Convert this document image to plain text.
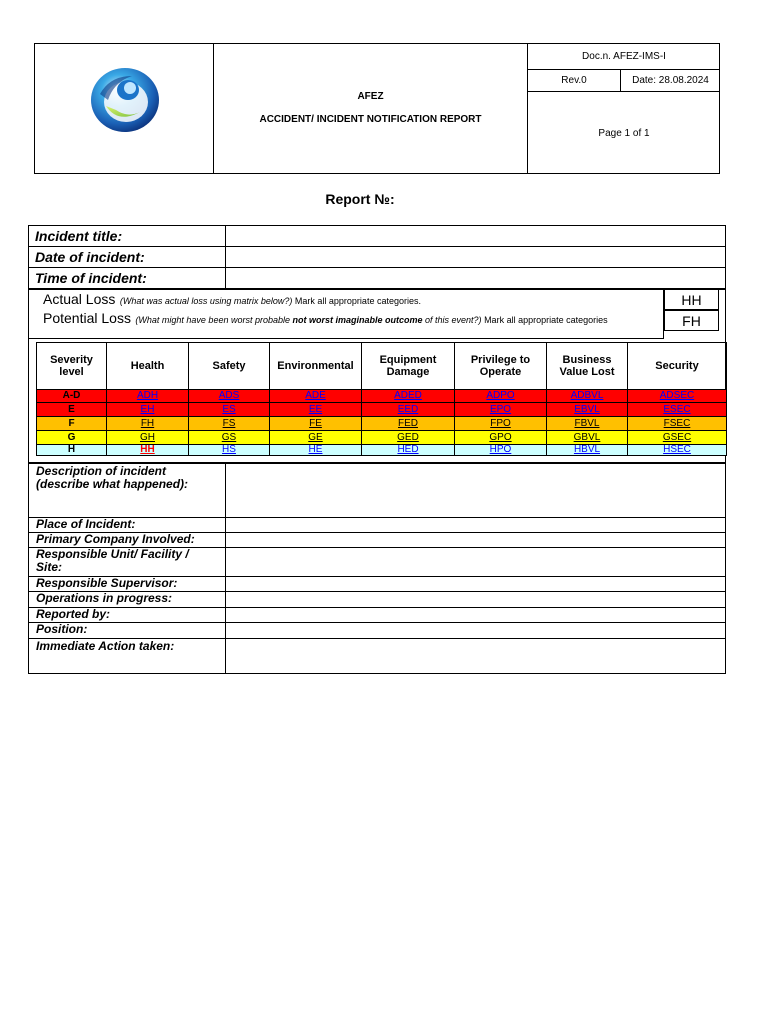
AFEZ
ACCIDENT/ INCIDENT NOTIFICATION REPORT
Doc.n. AFEZ-IMS-I
Rev.0	Date: 28.08.2024
Page 1 of 1
Report №:
Incident title:
Date of incident:
Time of incident:
Actual Loss (What was actual loss using matrix below?) Mark all appropriate categories.
Potential Loss (What might have been worst probable not worst imaginable outcome of this event?) Mark all appropriate categories
HH
FH
Severity level	Health	Safety	Environmental	Equipment Damage	Privilege to Operate	Business Value Lost	Security
A-D	ADH	ADS	ADE	ADED	ADPO	ADBVL	ADSEC
E	EH	ES	EE	EED	EPO	EBVL	ESEC
F	FH	FS	FE	FED	FPO	FBVL	FSEC
G	GH	GS	GE	GED	GPO	GBVL	GSEC
H	HH	HS	HE	HED	HPO	HBVL	HSEC
Description of incident (describe what happened):
Place of Incident:
Primary Company Involved:
Responsible Unit/ Facility / Site:
Responsible Supervisor:
Operations in progress:
Reported by:
Position:
Immediate Action taken:
